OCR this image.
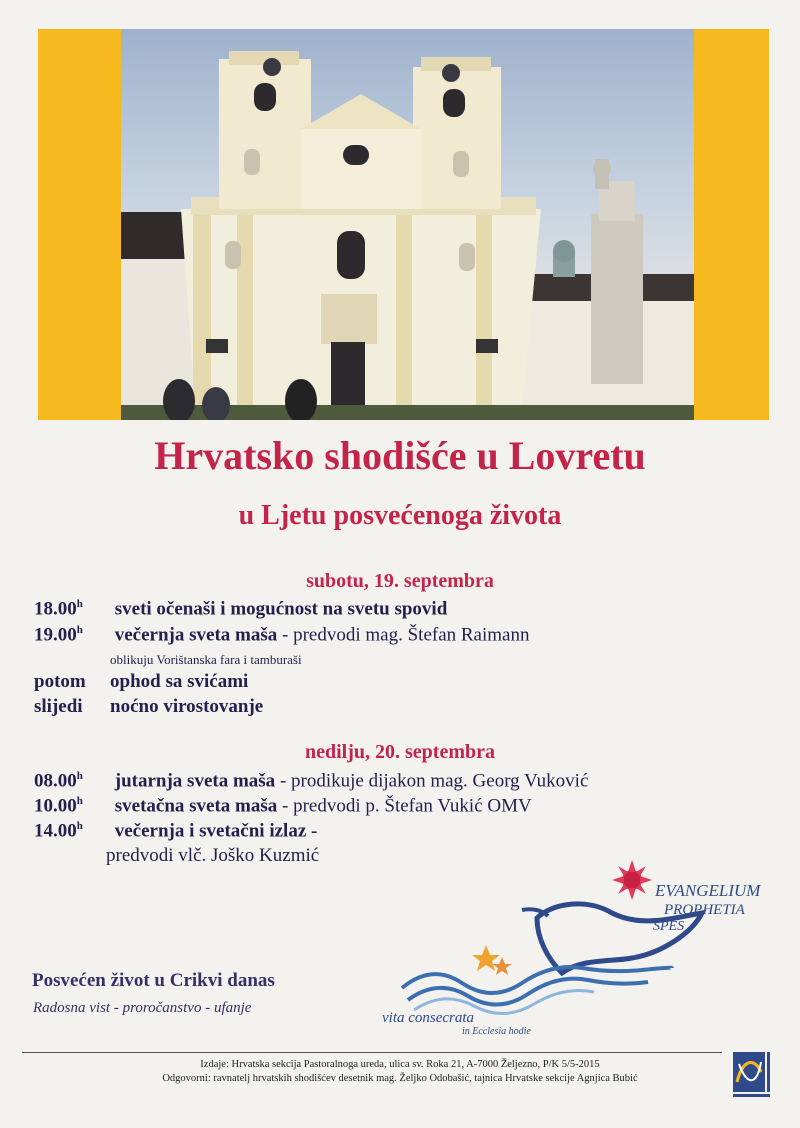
Hrvatsko shodišće u Lovretu
u Ljetu posvećenoga života
subotu, 19. septembra
18.00$^h$ sveti očenaši i mogućnost na svetu spovid
19.00$^h$ večernja sveta maša - predvodi mag. Štefan Raimann
oblikuju Vorištanska fara i tamburaši
potom ophod sa svićami
slijedi nоćno virostovanje
nedilju, 20. septembra
08.00$^h$ jutarnja sveta maša - prodikuje dijakon mag. Georg Vuković
10.00$^h$ svetačna sveta maša - predvodi p. Štefan Vukić OMV
14.00$^h$ večernja i svetačni izlaz -
predvodi vlč. Joško Kuzmić
EVANGELIUM
PROPHETIA
SPES
vita consecrata
in Ecclesia hodie
Posvećen život u Crikvi danas
Radosna vist - proročanstvo - ufanje
Izdaje: Hrvatska sekcija Pastoralnoga ureda, ulica sv. Roka 21, A-7000 Željezno, P/K 5/5-2015
Odgovorni: ravnatelj hrvatskih shodišćev desetnik mag. Željko Odobašić, tajnica Hrvatske sekcije Agnjica Bubić
